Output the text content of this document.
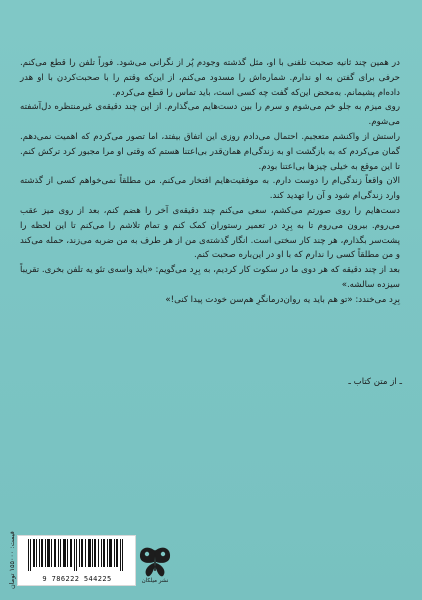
در همین چند ثانیه صحبت تلفنی با او، مثل گذشته وجودم پُر از نگرانی می‌شود. فوراً تلفن را قطع می‌کنم. حرفی برای گفتن به او ندارم. شماره‌اش را مسدود می‌کنم، از این‌که وقتم را با صحبت‌کردن با او هدر داده‌ام پشیمانم. به‌محض این‌که گفت چه کسی است، باید تماس را قطع می‌کردم.

روی میزم به جلو خم می‌شوم و سرم را بین دست‌هایم می‌گذارم. از این چند دقیقه‌ی غیرمنتظره دل‌آشفته می‌شوم.

راستش از واکنشم متعجبم. احتمال می‌دادم روزی این اتفاق بیفتد، اما تصور می‌کردم که اهمیت نمی‌دهم. گمان می‌کردم که به بازگشت او به زندگی‌ام همان‌قدر بی‌اعتنا هستم که وقتی او مرا مجبور کرد ترکش کنم. تا این موقع به خیلی چیزها بی‌اعتنا بودم.

الان واقعاً زندگی‌ام را دوست دارم. به موفقیت‌هایم افتخار می‌کنم. من مطلقاً نمی‌خواهم کسی از گذشته وارد زندگی‌ام شود و آن را تهدید کند.

دست‌هایم را روی صورتم می‌کشم، سعی می‌کنم چند دقیقه‌ی آخر را هضم کنم، بعد از روی میز عقب می‌روم. بیرون می‌روم تا به بِرِد در تعمیر رستوران کمک کنم و تمام تلاشم را می‌کنم تا این لحظه را پشت‌سر بگذارم، هر چند کار سختی است. انگار گذشته‌ی من از هر طرف به من ضربه می‌زند، حمله می‌کند و من مطلقاً کسی را ندارم که با او در این‌باره صحبت کنم.

بعد از چند دقیقه که هر دوی ما در سکوت کار کردیم، به بِرِد می‌گویم: «باید واسه‌ی تئو یه تلفن بخری. تقریباً سیزده سالشه.»

بِرِد می‌خندد: «تو هم باید یه روان‌درمانگرِ هم‌سن خودت پیدا کنی!»

ـ از متن کتاب ـ

قیمت: ۱۵۵۰۰۰ تومان
9 786222 544225	نشر میلکان
